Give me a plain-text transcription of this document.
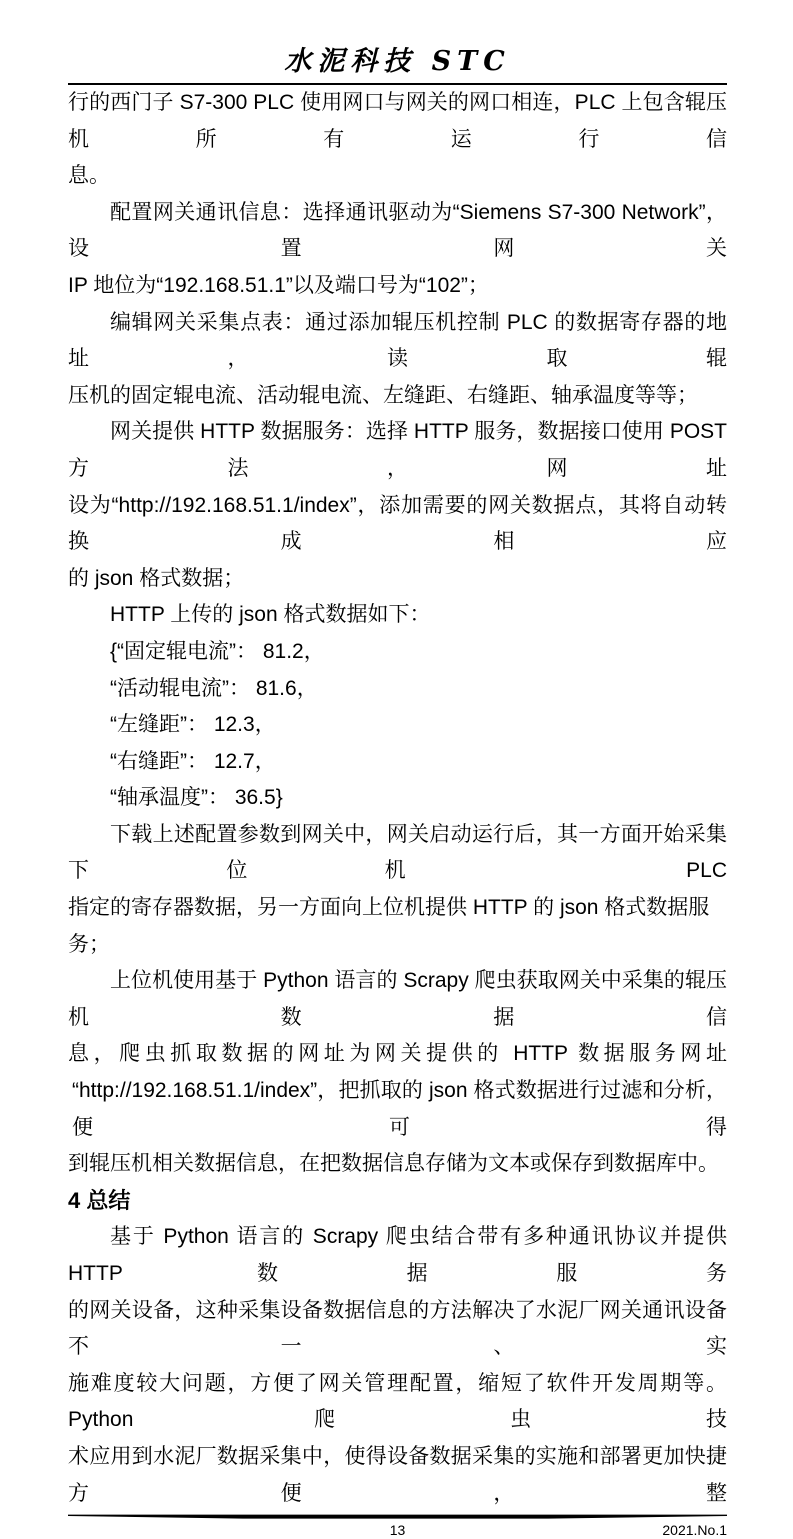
水泥科技 STC
行的西门子 S7-300 PLC 使用网口与网关的网口相连，PLC 上包含辊压机所有运行信
息。
配置网关通讯信息：选择通讯驱动为“Siemens S7-300 Network”， 设置网关
IP 地位为“192.168.51.1”以及端口号为“102”；
编辑网关采集点表：通过添加辊压机控制 PLC 的数据寄存器的地址，读取辊
压机的固定辊电流、活动辊电流、左缝距、右缝距、轴承温度等等；
网关提供 HTTP 数据服务：选择 HTTP 服务，数据接口使用 POST 方法，网址
设为“http://192.168.51.1/index”，添加需要的网关数据点，其将自动转换成相应
的 json 格式数据；
HTTP 上传的 json 格式数据如下：
{“固定辊电流”： 81.2，
“活动辊电流”： 81.6，
“左缝距”： 12.3，
“右缝距”： 12.7，
“轴承温度”： 36.5}
下载上述配置参数到网关中，网关启动运行后，其一方面开始采集下位机 PLC
指定的寄存器数据，另一方面向上位机提供 HTTP 的 json 格式数据服务；
上位机使用基于 Python 语言的 Scrapy 爬虫获取网关中采集的辊压机数据信
息，爬虫抓取数据的网址为网关提供的 HTTP 数据服务网址
“http://192.168.51.1/index”，把抓取的 json 格式数据进行过滤和分析，便可得
到辊压机相关数据信息，在把数据信息存储为文本或保存到数据库中。
4 总结
基于 Python 语言的 Scrapy 爬虫结合带有多种通讯协议并提供 HTTP 数据服务
的网关设备，这种采集设备数据信息的方法解决了水泥厂网关通讯设备不一、实
施难度较大问题，方便了网关管理配置，缩短了软件开发周期等。Python 爬虫技
术应用到水泥厂数据采集中，使得设备数据采集的实施和部署更加快捷方便，整
13	2021.No.1
